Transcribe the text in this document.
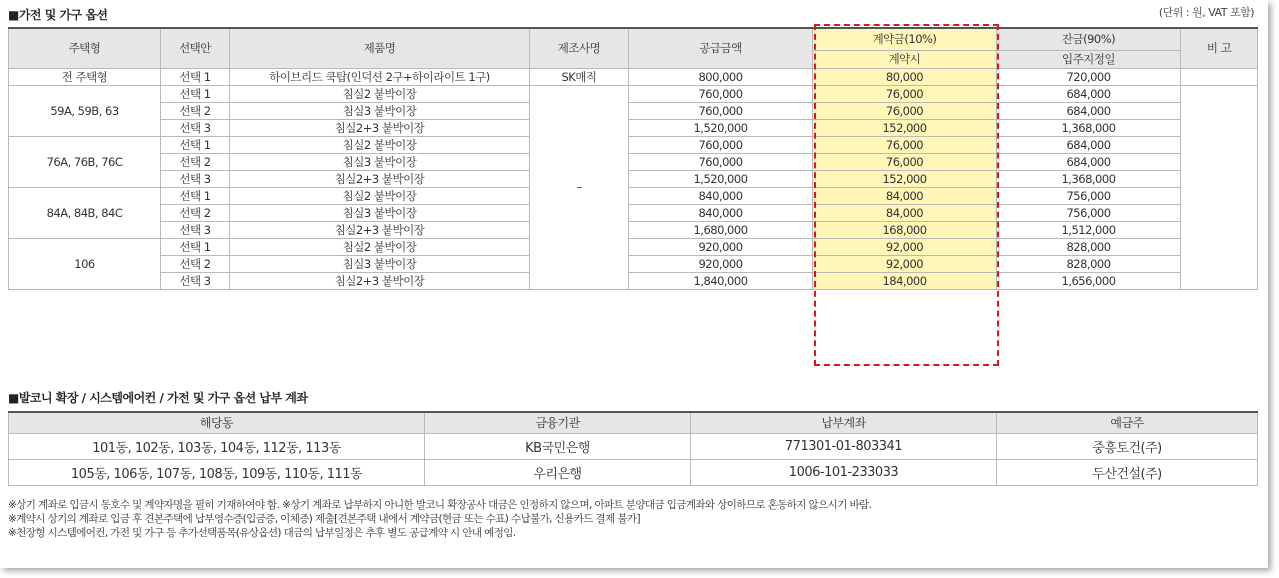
■가전 및 가구 옵션	(단위 : 원, VAT 포함)
주택형	선택안	제품명	제조사명	공급금액	계약금(10%)	잔금(90%)	비 고
					계약시	입주지정일	
전 주택형	선택 1	하이브리드 쿡탑(인덕션 2구+하이라이트 1구)	SK매직	800,000	80,000	720,000	
59A, 59B, 63	선택 1	침실2 붙박이장	–	760,000	76,000	684,000	
	선택 2	침실3 붙박이장		760,000	76,000	684,000	
	선택 3	침실2+3 붙박이장		1,520,000	152,000	1,368,000	
76A, 76B, 76C	선택 1	침실2 붙박이장		760,000	76,000	684,000	
	선택 2	침실3 붙박이장		760,000	76,000	684,000	
	선택 3	침실2+3 붙박이장		1,520,000	152,000	1,368,000	
84A, 84B, 84C	선택 1	침실2 붙박이장		840,000	84,000	756,000	
	선택 2	침실3 붙박이장		840,000	84,000	756,000	
	선택 3	침실2+3 붙박이장		1,680,000	168,000	1,512,000	
106	선택 1	침실2 붙박이장		920,000	92,000	828,000	
	선택 2	침실3 붙박이장		920,000	92,000	828,000	
	선택 3	침실2+3 붙박이장		1,840,000	184,000	1,656,000	
■발코니 확장 / 시스템에어컨 / 가전 및 가구 옵션 납부 계좌
해당동	금융기관	납부계좌	예금주
101동, 102동, 103동, 104동, 112동, 113동	KB국민은행	771301-01-803341	중흥토건(주)
105동, 106동, 107동, 108동, 109동, 110동, 111동	우리은행	1006-101-233033	두산건설(주)
※상기 계좌로 입금시 동호수 및 계약자명을 필히 기재하여야 함. ※상기 계좌로 납부하지 아니한 발코니 확장공사 대금은 인정하지 않으며, 아파트 분양대금 입금계좌와 상이하므로 혼동하지 않으시기 바람.
※계약시 상기의 계좌로 입금 후 견본주택에 납부영수증(입금증, 이체증) 제출[견본주택 내에서 계약금(현금 또는 수표) 수납불가, 신용카드 결제 불가]
※천장형 시스템에어컨, 가전 및 가구 등 추가선택품목(유상옵션) 대금의 납부일정은 추후 별도 공급계약 시 안내 예정임.
